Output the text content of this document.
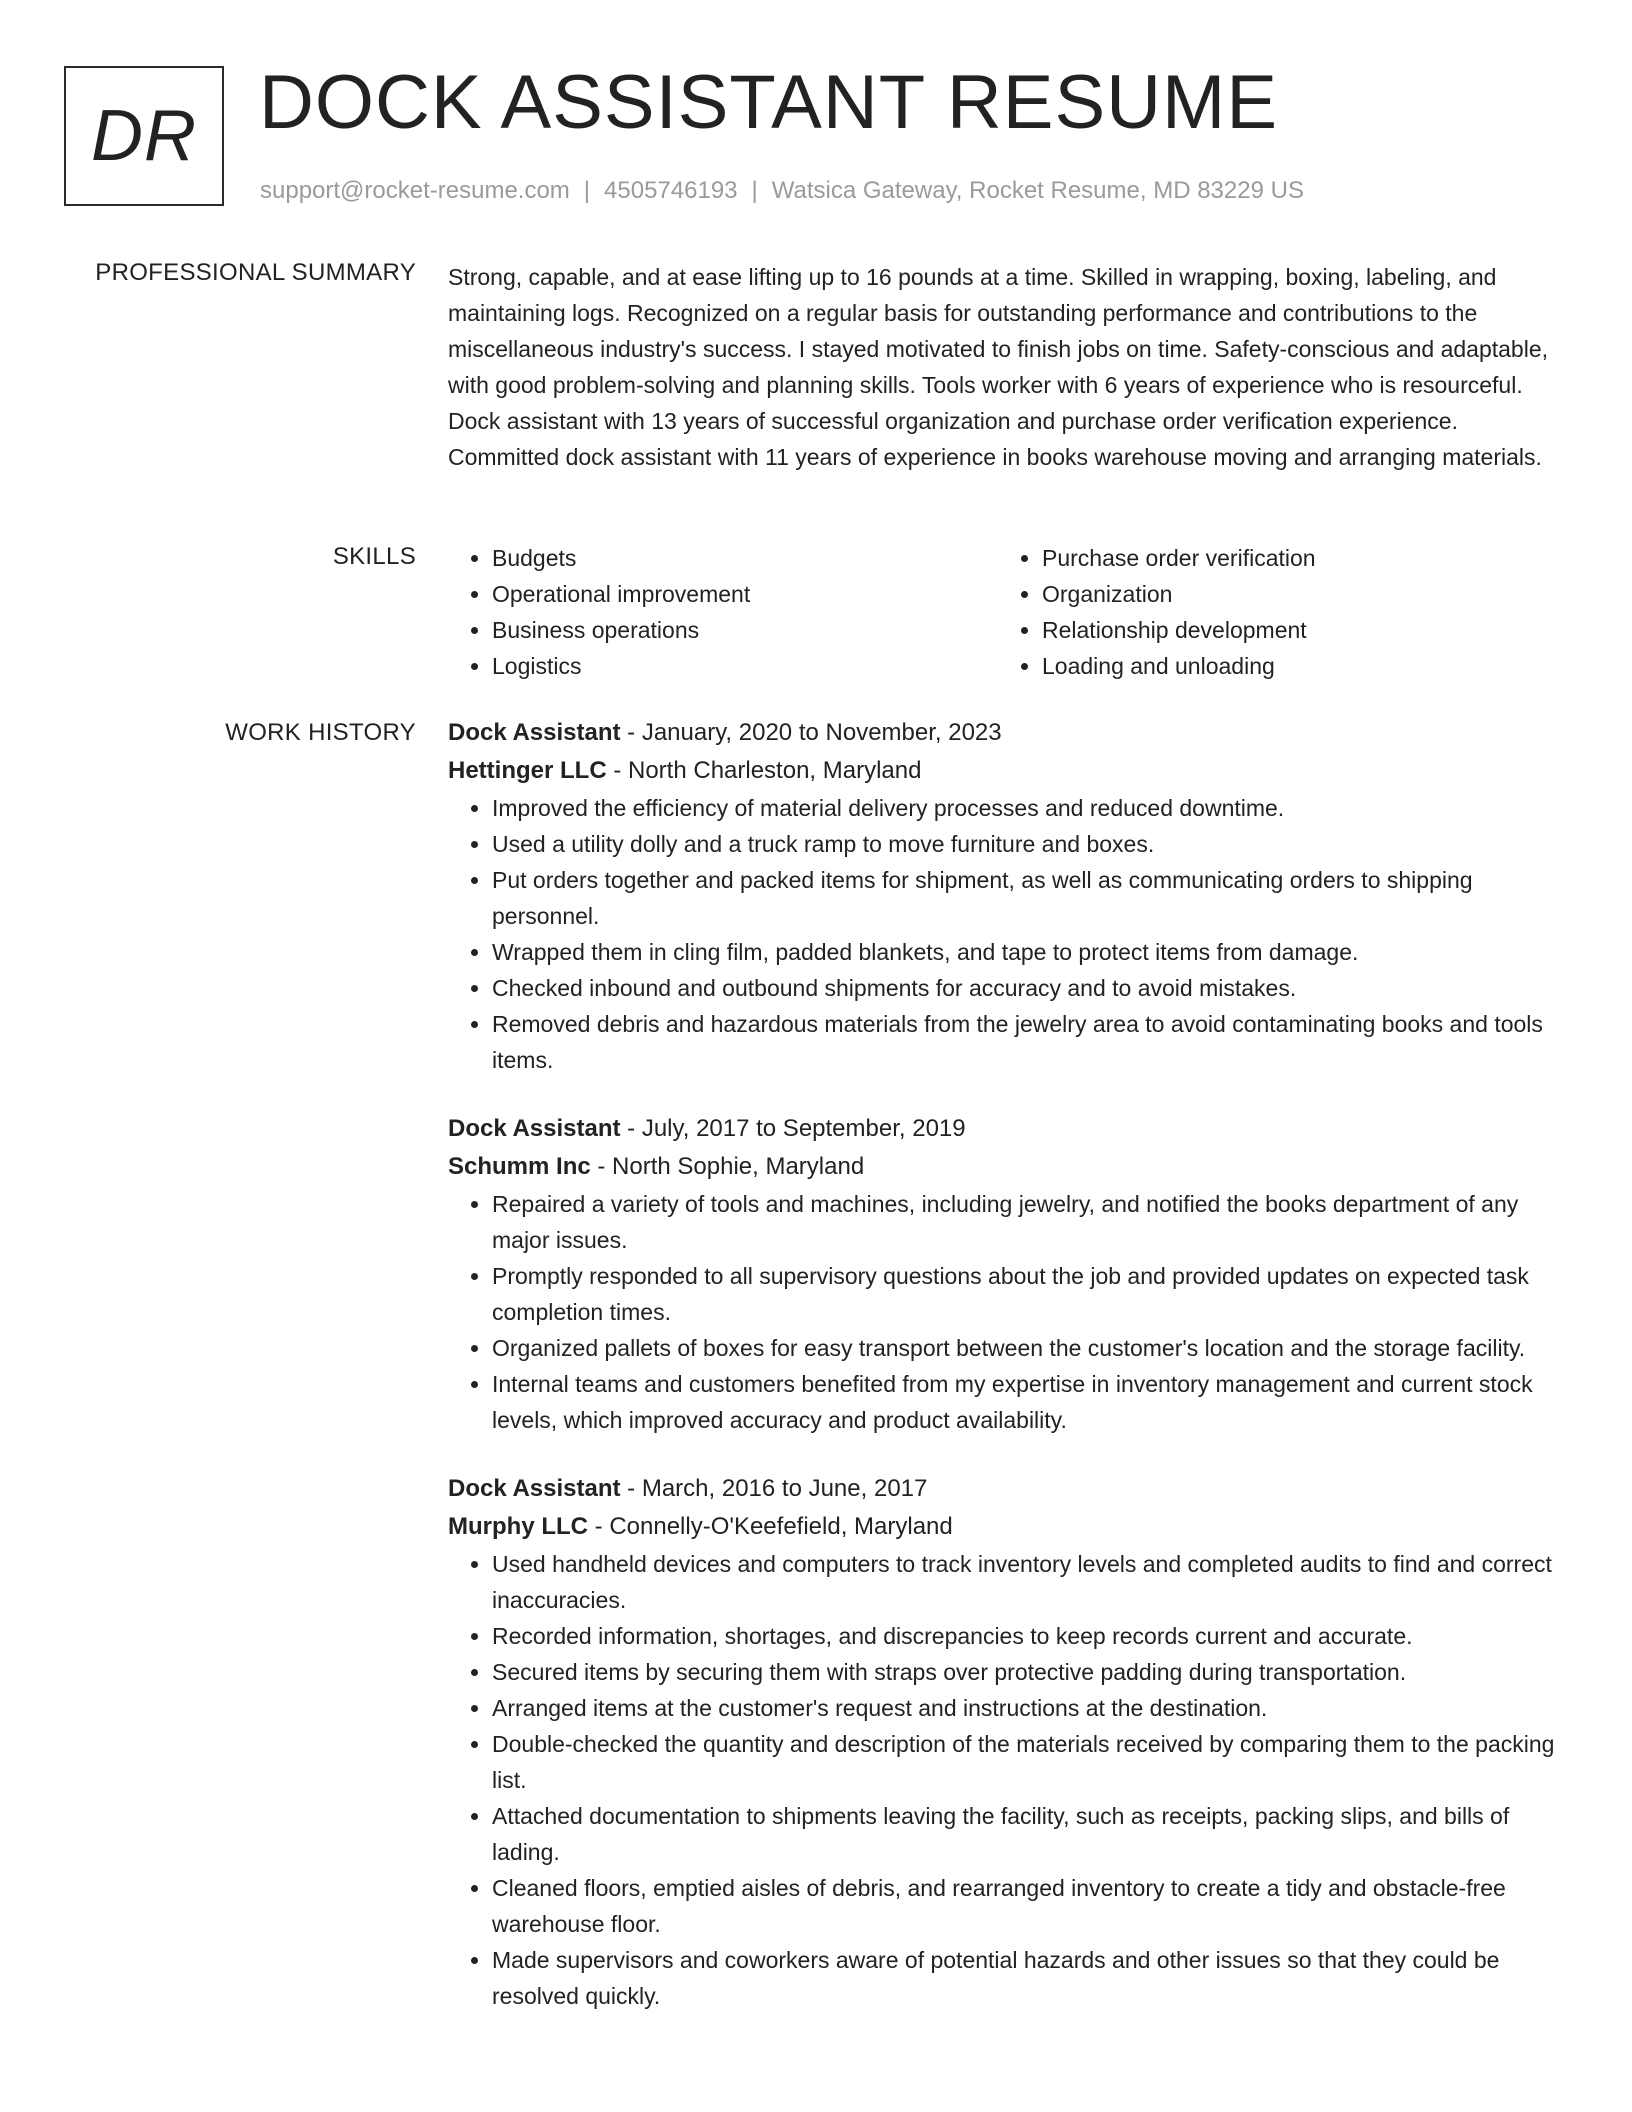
DR DOCK ASSISTANT RESUME
support@rocket-resume.com | 4505746193 | Watsica Gateway, Rocket Resume, MD 83229 US
PROFESSIONAL SUMMARY Strong, capable, and at ease lifting up to 16 pounds at a time. Skilled in wrapping, boxing, labeling, and maintaining logs. Recognized on a regular basis for outstanding performance and contributions to the miscellaneous industry's success. I stayed motivated to finish jobs on time. Safety-conscious and adaptable, with good problem-solving and planning skills. Tools worker with 6 years of experience who is resourceful. Dock assistant with 13 years of successful organization and purchase order verification experience. Committed dock assistant with 11 years of experience in books warehouse moving and arranging materials.

SKILLS
•	Budgets
• Operational improvement
• Business operations
• Logistics
• Purchase order verification
• Organization
• Relationship development
• Loading and unloading
WORK HISTORY Dock Assistant - January, 2020 to November, 2023
Hettinger LLC - North Charleston, Maryland
• Improved the efficiency of material delivery processes and reduced downtime.
• Used a utility dolly and a truck ramp to move furniture and boxes.
• Put orders together and packed items for shipment, as well as communicating orders to shipping personnel.
• Wrapped them in cling film, padded blankets, and tape to protect items from damage.
• Checked inbound and outbound shipments for accuracy and to avoid mistakes.
• Removed debris and hazardous materials from the jewelry area to avoid contaminating books and tools items.
Dock Assistant - July, 2017 to September, 2019
Schumm Inc - North Sophie, Maryland
• Repaired a variety of tools and machines, including jewelry, and notified the books department of any major issues.
• Promptly responded to all supervisory questions about the job and provided updates on expected task completion times.
• Organized pallets of boxes for easy transport between the customer's location and the storage facility.
• Internal teams and customers benefited from my expertise in inventory management and current stock levels, which improved accuracy and product availability.
Dock Assistant - March, 2016 to June, 2017
Murphy LLC - Connelly-O'Keefefield, Maryland
• Used handheld devices and computers to track inventory levels and completed audits to find and correct inaccuracies.
• Recorded information, shortages, and discrepancies to keep records current and accurate.
• Secured items by securing them with straps over protective padding during transportation.
• Arranged items at the customer's request and instructions at the destination.
• Double-checked the quantity and description of the materials received by comparing them to the packing list.
• Attached documentation to shipments leaving the facility, such as receipts, packing slips, and bills of lading.
• Cleaned floors, emptied aisles of debris, and rearranged inventory to create a tidy and obstacle-free warehouse floor.
• Made supervisors and coworkers aware of potential hazards and other issues so that they could be resolved quickly.
